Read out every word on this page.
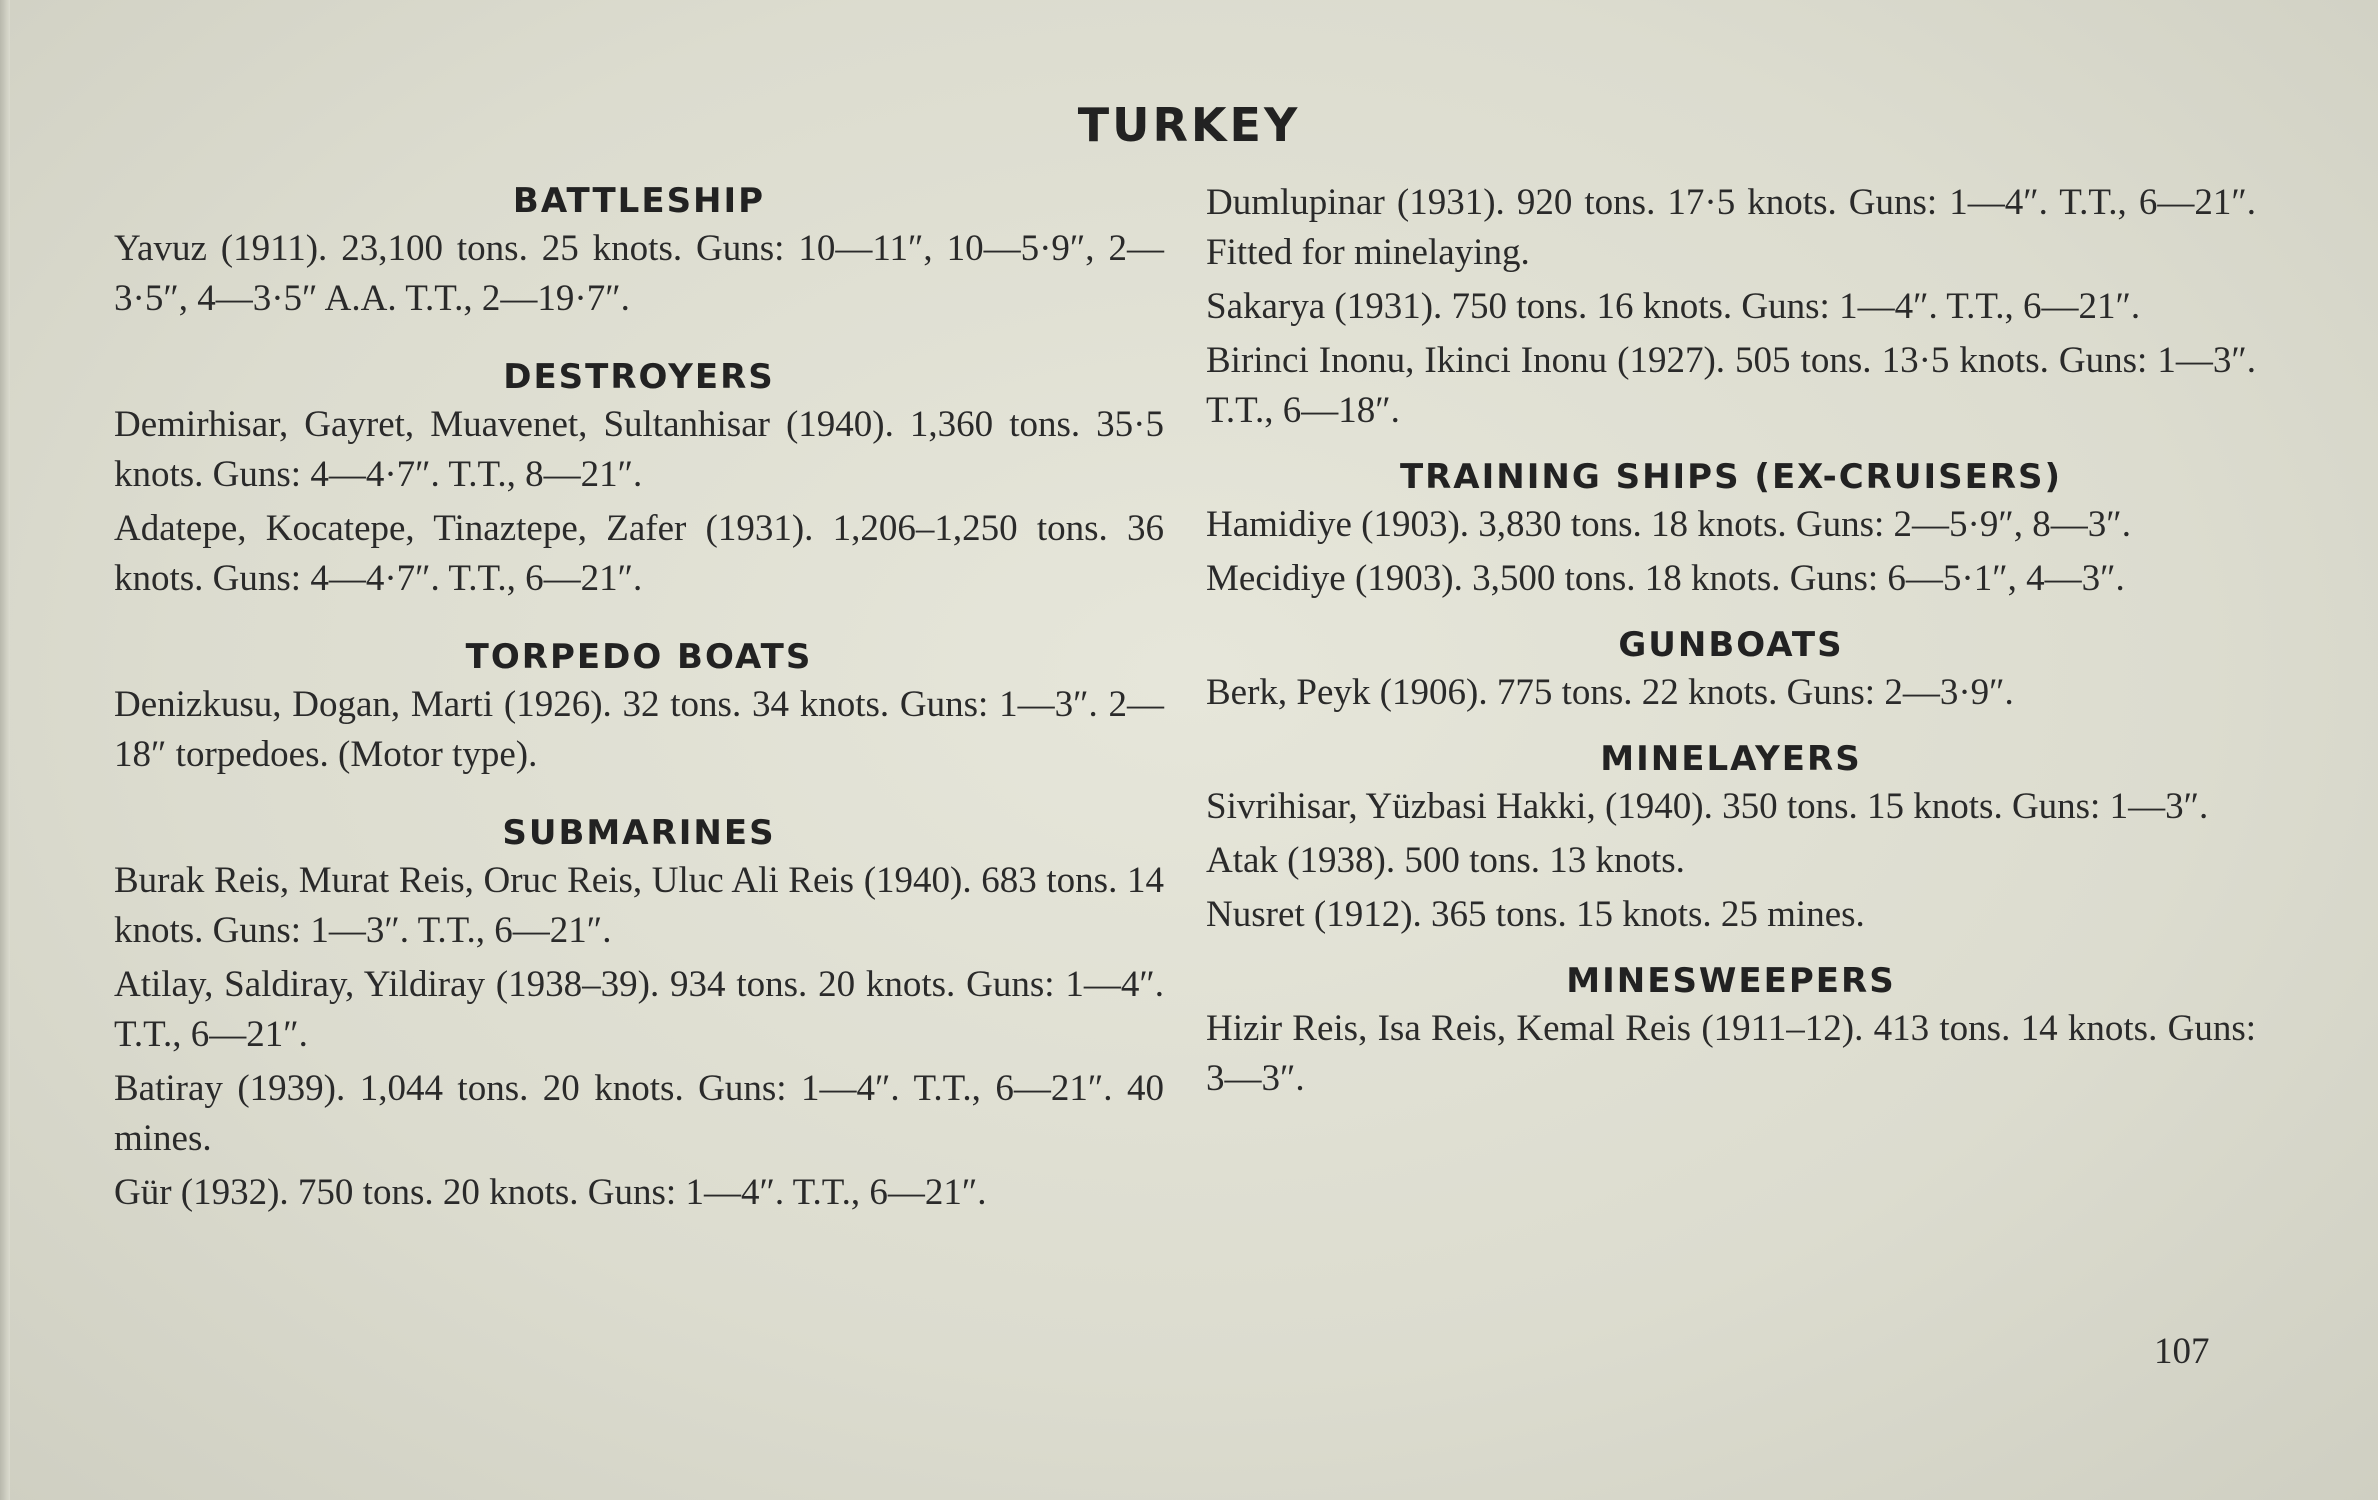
TURKEY
BATTLESHIP

Yavuz (1911). 23,100 tons. 25 knots. Guns: 10—11″, 10—5·9″, 2—3·5″, 4—3·5″ A.A. T.T., 2—19·7″.

DESTROYERS

Demirhisar, Gayret, Muavenet, Sultanhisar (1940). 1,360 tons. 35·5 knots. Guns: 4—4·7″. T.T., 8—21″.

Adatepe, Kocatepe, Tinaztepe, Zafer (1931). 1,206–1,250 tons. 36 knots. Guns: 4—4·7″. T.T., 6—21″.

TORPEDO BOATS

Denizkusu, Dogan, Marti (1926). 32 tons. 34 knots. Guns: 1—3″. 2—18″ torpedoes. (Motor type).

SUBMARINES

Burak Reis, Murat Reis, Oruc Reis, Uluc Ali Reis (1940). 683 tons. 14 knots. Guns: 1—3″. T.T., 6—21″.

Atilay, Saldiray, Yildiray (1938–39). 934 tons. 20 knots. Guns: 1—4″. T.T., 6—21″.

Batiray (1939). 1,044 tons. 20 knots. Guns: 1—4″. T.T., 6—21″. 40 mines.

Gür (1932). 750 tons. 20 knots. Guns: 1—4″. T.T., 6—21″.

Dumlupinar (1931). 920 tons. 17·5 knots. Guns: 1—4″. T.T., 6—21″. Fitted for minelaying.

Sakarya (1931). 750 tons. 16 knots. Guns: 1—4″. T.T., 6—21″.

Birinci Inonu, Ikinci Inonu (1927). 505 tons. 13·5 knots. Guns: 1—3″. T.T., 6—18″.

TRAINING SHIPS (EX-CRUISERS)

Hamidiye (1903). 3,830 tons. 18 knots. Guns: 2—5·9″, 8—3″.

Mecidiye (1903). 3,500 tons. 18 knots. Guns: 6—5·1″, 4—3″.

GUNBOATS

Berk, Peyk (1906). 775 tons. 22 knots. Guns: 2—3·9″.

MINELAYERS

Sivrihisar, Yüzbasi Hakki, (1940). 350 tons. 15 knots. Guns: 1—3″.

Atak (1938). 500 tons. 13 knots.

Nusret (1912). 365 tons. 15 knots. 25 mines.

MINESWEEPERS

Hizir Reis, Isa Reis, Kemal Reis (1911–12). 413 tons. 14 knots. Guns: 3—3″.

107
